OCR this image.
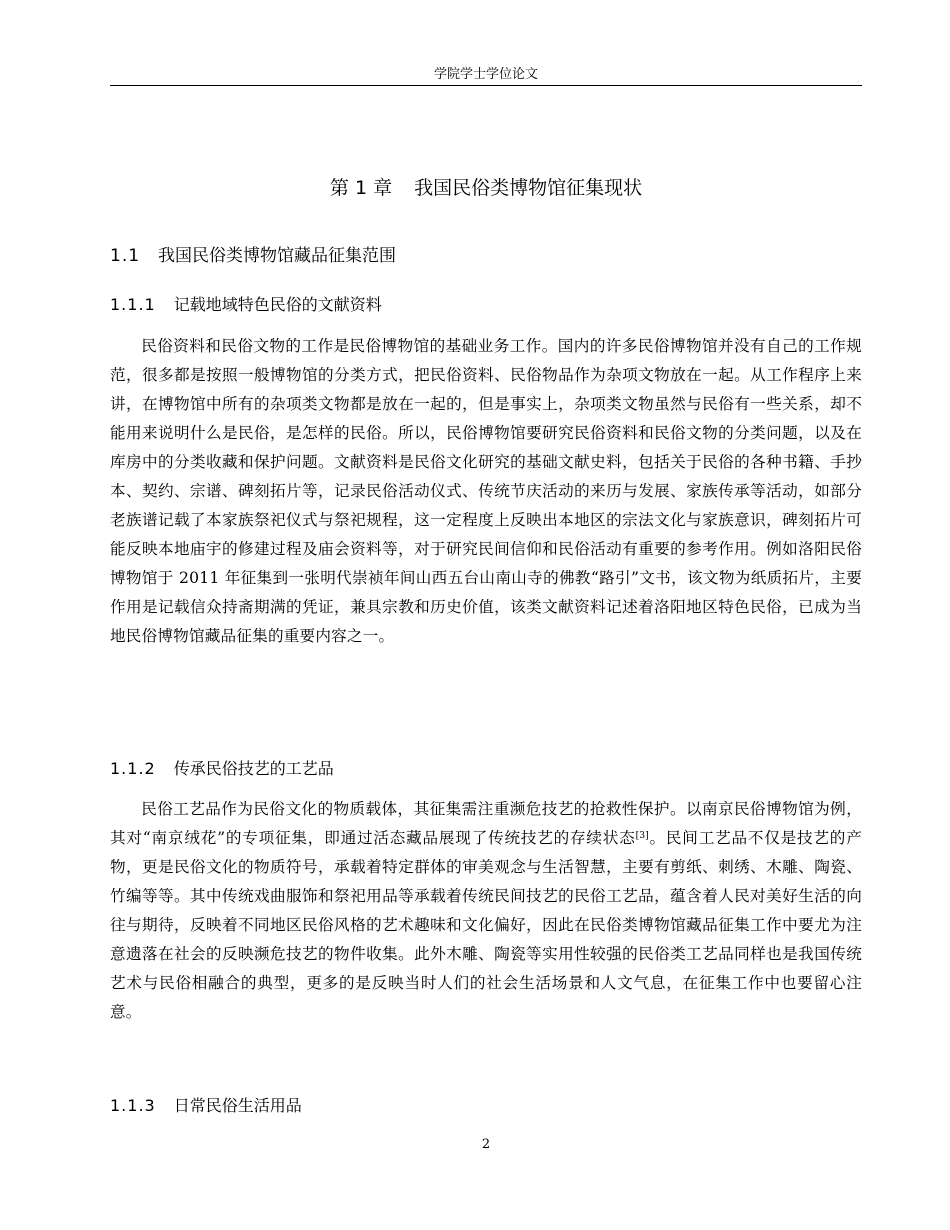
学院学士学位论文
第 1 章 我国民俗类博物馆征集现状
1.1 我国民俗类博物馆藏品征集范围
1.1.1 记载地域特色民俗的文献资料

民俗资料和民俗文物的工作是民俗博物馆的基础业务工作。国内的许多民俗博物馆并没有自己的工作规范，很多都是按照一般博物馆的分类方式，把民俗资料、民俗物品作为杂项文物放在一起。从工作程序上来讲，在博物馆中所有的杂项类文物都是放在一起的，但是事实上，杂项类文物虽然与民俗有一些关系，却不能用来说明什么是民俗，是怎样的民俗。所以，民俗博物馆要研究民俗资料和民俗文物的分类问题，以及在库房中的分类收藏和保护问题。文献资料是民俗文化研究的基础文献史料，包括关于民俗的各种书籍、手抄本、契约、宗谱、碑刻拓片等，记录民俗活动仪式、传统节庆活动的来历与发展、家族传承等活动，如部分老族谱记载了本家族祭祀仪式与祭祀规程，这一定程度上反映出本地区的宗法文化与家族意识，碑刻拓片可能反映本地庙宇的修建过程及庙会资料等，对于研究民间信仰和民俗活动有重要的参考作用。例如洛阳民俗博物馆于 2011 年征集到一张明代崇祯年间山西五台山南山寺的佛教“路引”文书，该文物为纸质拓片，主要作用是记载信众持斋期满的凭证，兼具宗教和历史价值，该类文献资料记述着洛阳地区特色民俗，已成为当地民俗博物馆藏品征集的重要内容之一。

1.1.2 传承民俗技艺的工艺品

民俗工艺品作为民俗文化的物质载体，其征集需注重濒危技艺的抢救性保护。以南京民俗博物馆为例，其对“南京绒花”的专项征集，即通过活态藏品展现了传统技艺的存续状态[3]。民间工艺品不仅是技艺的产物，更是民俗文化的物质符号，承载着特定群体的审美观念与生活智慧，主要有剪纸、刺绣、木雕、陶瓷、竹编等等。其中传统戏曲服饰和祭祀用品等承载着传统民间技艺的民俗工艺品，蕴含着人民对美好生活的向往与期待，反映着不同地区民俗风格的艺术趣味和文化偏好，因此在民俗类博物馆藏品征集工作中要尤为注意遗落在社会的反映濒危技艺的物件收集。此外木雕、陶瓷等实用性较强的民俗类工艺品同样也是我国传统艺术与民俗相融合的典型，更多的是反映当时人们的社会生活场景和人文气息，在征集工作中也要留心注意。

1.1.3 日常民俗生活用品
2
